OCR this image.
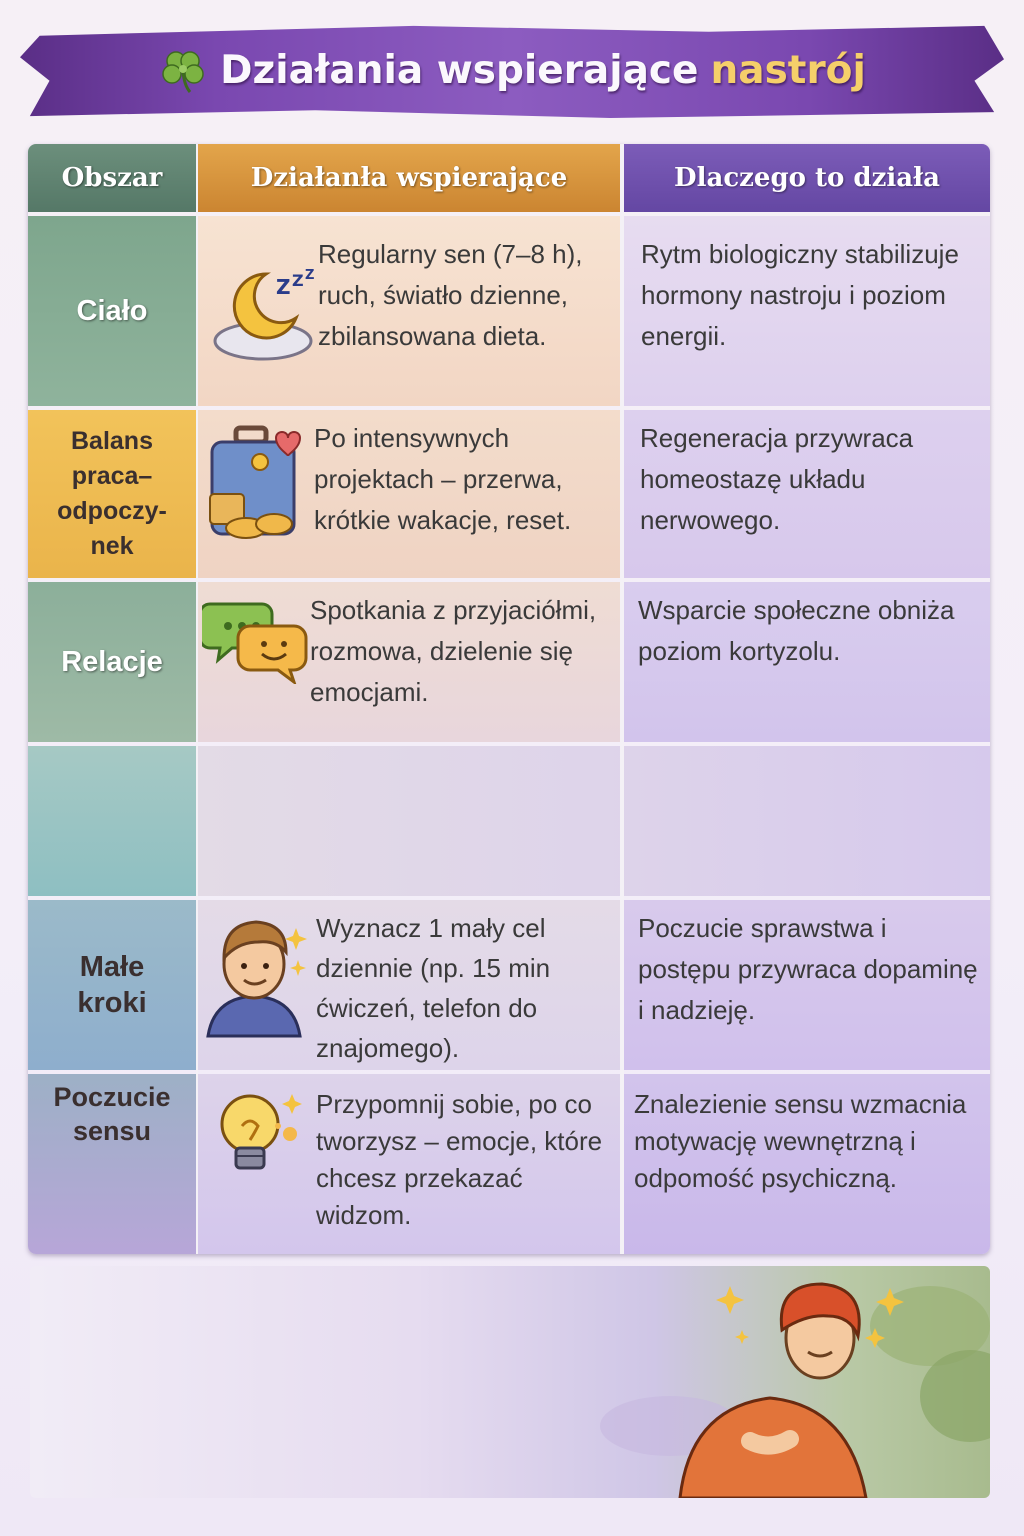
Działania wspierające nastrój
Obszar	Działanła wspierające	Dlaczego to działa
Ciało
Z Z Z
Regularny sen (7–8 h), ruch, światło dzienne, zbilansowana dieta.
Rytm biologiczny stabilizuje hormony nastroju i poziom energii.
Balans praca–odpoczy-nek
Po intensywnych projektach – przerwa, krótkie wakacje, reset.
Regeneracja przywraca homeostazę układu nerwowego.
Relacje
Spotkania z przyjaciółmi, rozmowa, dzielenie się emocjami.
Wsparcie społeczne obniża poziom kortyzolu.
Małe kroki
Wyznacz 1 mały cel dziennie (np. 15 min ćwiczeń, telefon do znajomego).
Poczucie sprawstwa i postępu przywraca dopaminę i nadzieję.
Poczucie sensu
Przypomnij sobie, po co tworzysz – emocje, które chcesz przekazać widzom.
Znalezienie sensu wzmacnia motywację wewnętrzną i odpomość psychiczną.
